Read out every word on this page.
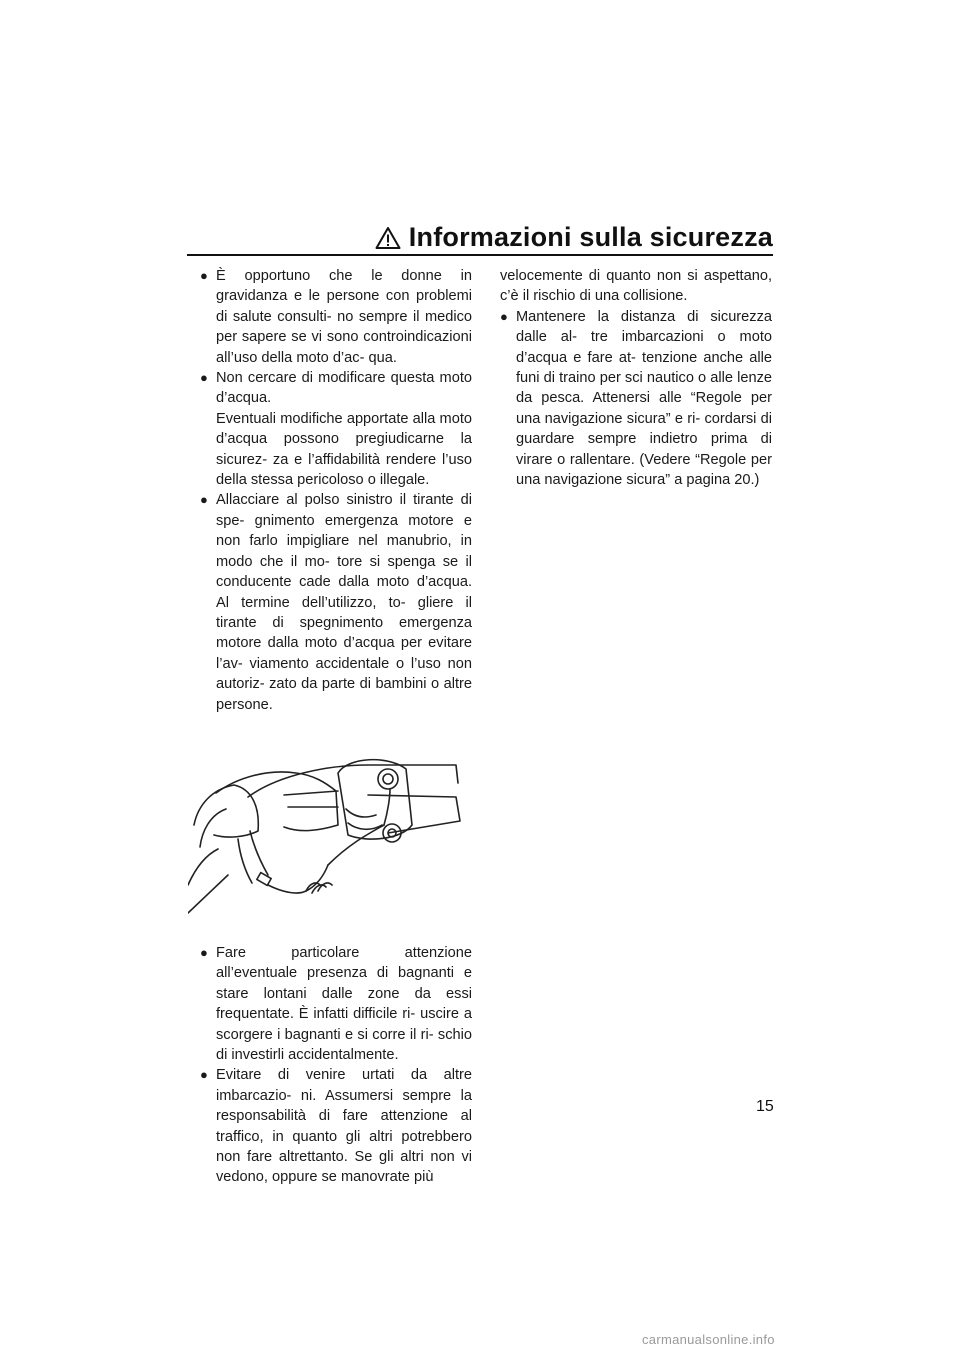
Informazioni sulla sicurezza
● È opportuno che le donne in gravidanza e le persone con problemi di salute consulti- no sempre il medico per sapere se vi sono controindicazioni all’uso della moto d’ac- qua.

● Non cercare di modificare questa moto d’acqua.

Eventuali modifiche apportate alla moto d’acqua possono pregiudicarne la sicurez- za e l’affidabilità rendere l’uso della stessa pericoloso o illegale.

● Allacciare al polso sinistro il tirante di spe- gnimento emergenza motore e non farlo impigliare nel manubrio, in modo che il mo- tore si spenga se il conducente cade dalla moto d’acqua. Al termine dell’utilizzo, to- gliere il tirante di spegnimento emergenza motore dalla moto d’acqua per evitare l’av- viamento accidentale o l’uso non autoriz- zato da parte di bambini o altre persone.

● Fare particolare attenzione all’eventuale presenza di bagnanti e stare lontani dalle zone da essi frequentate. È infatti difficile ri- uscire a scorgere i bagnanti e si corre il ri- schio di investirli accidentalmente.

● Evitare di venire urtati da altre imbarcazio- ni. Assumersi sempre la responsabilità di fare attenzione al traffico, in quanto gli altri potrebbero non fare altrettanto. Se gli altri non vi vedono, oppure se manovrate più

velocemente di quanto non si aspettano, c’è il rischio di una collisione.

● Mantenere la distanza di sicurezza dalle al- tre imbarcazioni o moto d’acqua e fare at- tenzione anche alle funi di traino per sci nautico o alle lenze da pesca. Attenersi alle “Regole per una navigazione sicura” e ri- cordarsi di guardare sempre indietro prima di virare o rallentare. (Vedere “Regole per una navigazione sicura” a pagina 20.)

15
carmanualsonline.info
